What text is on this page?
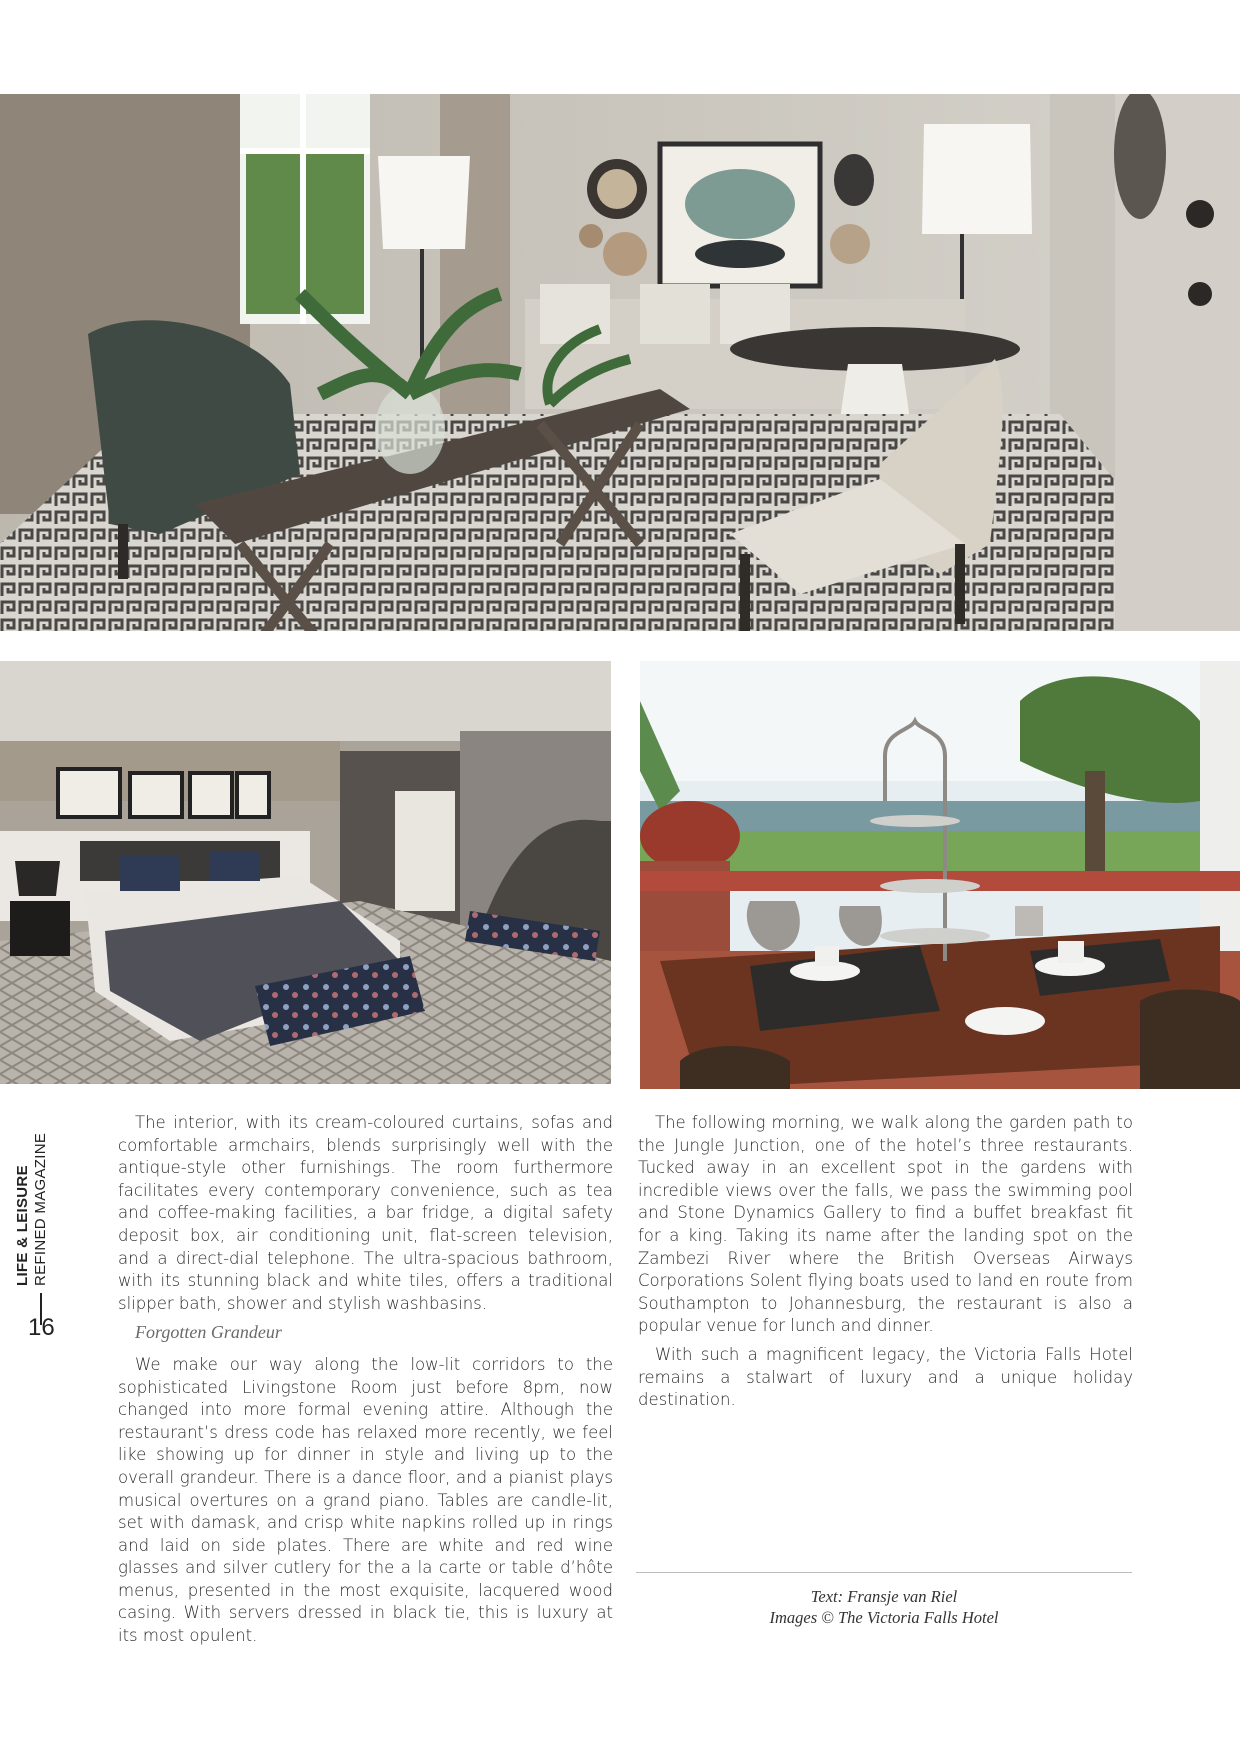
LIFE & LEISURE REFINED MAGAZINE
16

The interior, with its cream-coloured curtains, sofas and comfortable armchairs, blends surprisingly well with the antique-style other furnishings. The room furthermore facilitates every contemporary convenience, such as tea and coffee-making facilities, a bar fridge, a digital safety deposit box, air conditioning unit, flat-screen television, and a direct-dial telephone. The ultra-spacious bathroom, with its stunning black and white tiles, offers a traditional slipper bath, shower and stylish washbasins.

Forgotten Grandeur

We make our way along the low-lit corridors to the sophisticated Livingstone Room just before 8pm, now changed into more formal evening attire. Although the restaurant’s dress code has relaxed more recently, we feel like showing up for dinner in style and living up to the overall grandeur. There is a dance floor, and a pianist plays musical overtures on a grand piano. Tables are candle-lit, set with damask, and crisp white napkins rolled up in rings and laid on side plates. There are white and red wine glasses and silver cutlery for the a la carte or table d’hôte menus, presented in the most exquisite, lacquered wood casing. With servers dressed in black tie, this is luxury at its most opulent.

The following morning, we walk along the garden path to the Jungle Junction, one of the hotel’s three restaurants. Tucked away in an excellent spot in the gardens with incredible views over the falls, we pass the swimming pool and Stone Dynamics Gallery to find a buffet breakfast fit for a king. Taking its name after the landing spot on the Zambezi River where the British Overseas Airways Corporations Solent flying boats used to land en route from Southampton to Johannesburg, the restaurant is also a popular venue for lunch and dinner.

With such a magnificent legacy, the Victoria Falls Hotel remains a stalwart of luxury and a unique holiday destination.

Text: Fransje van Riel
Images © The Victoria Falls Hotel
